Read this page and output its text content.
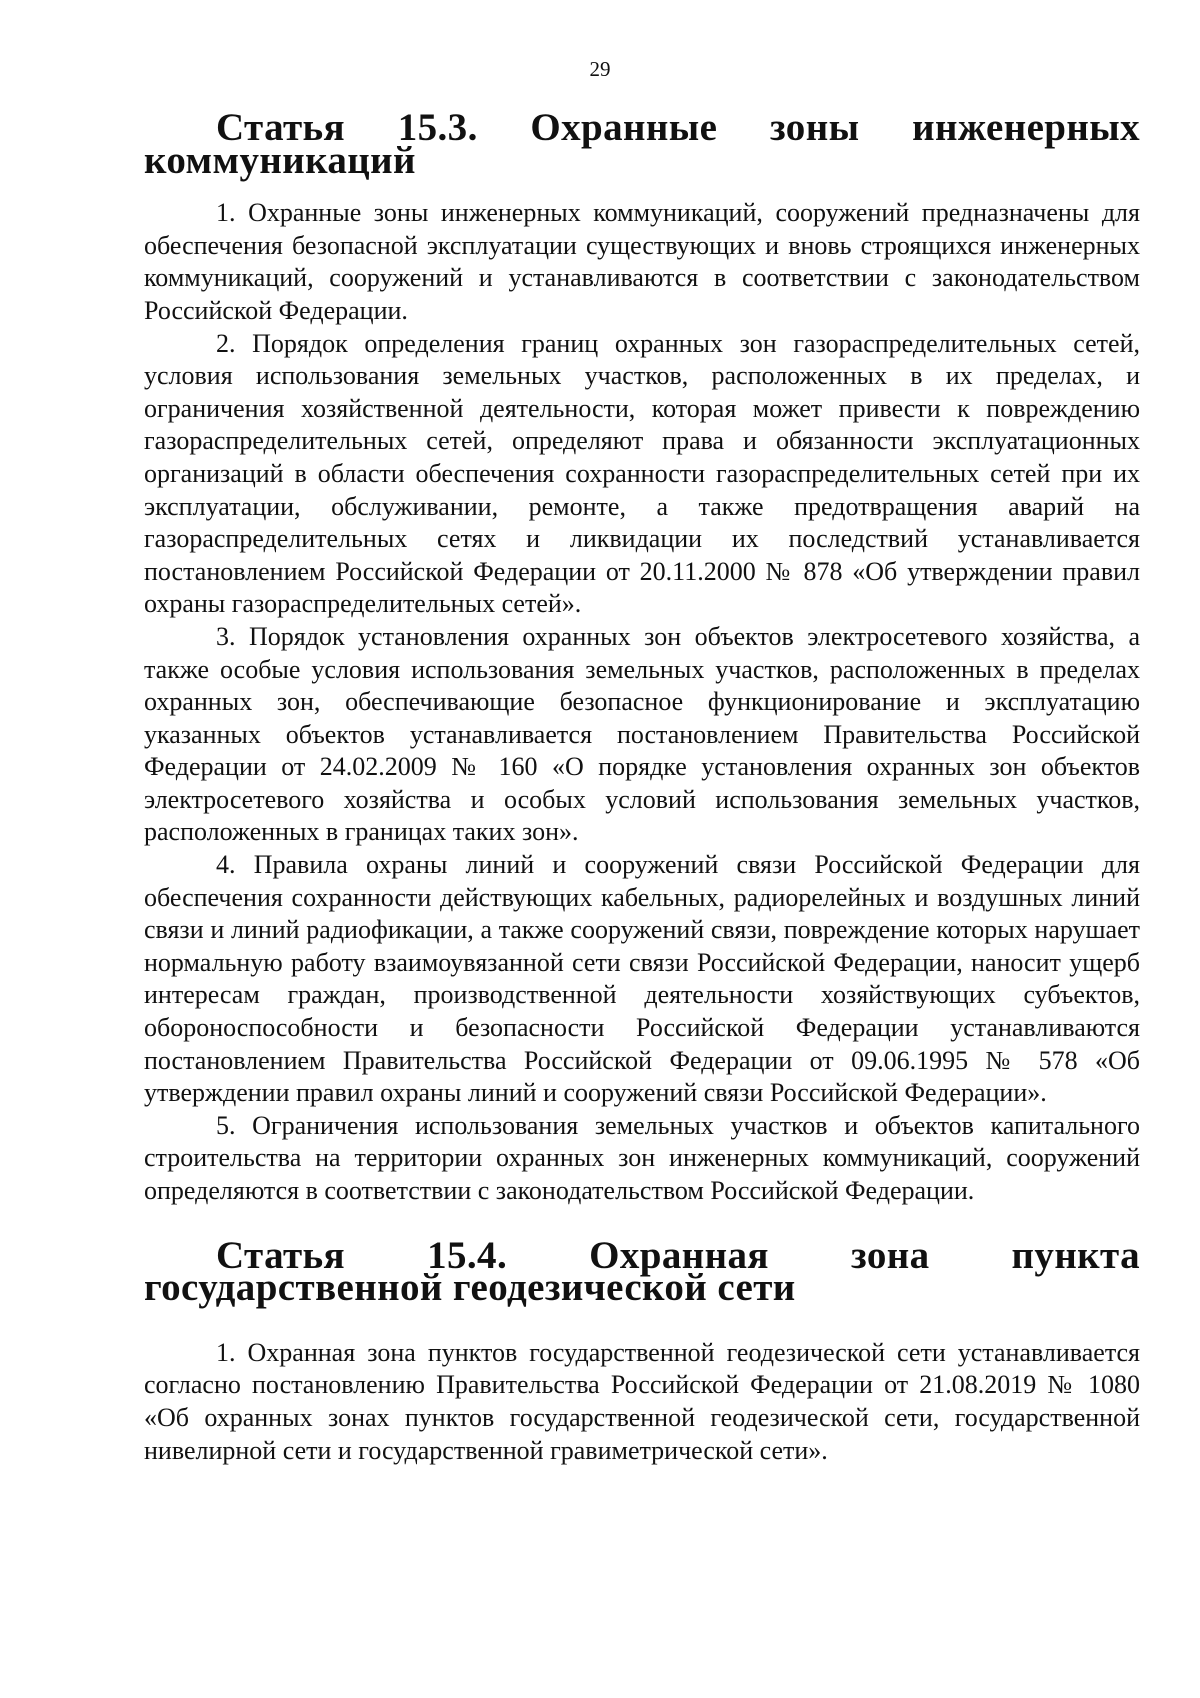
29
Статья 15.3. Охранные зоны инженерных коммуникаций

1. Охранные зоны инженерных коммуникаций, сооружений предназначены для обеспечения безопасной эксплуатации существующих и вновь строящихся инженерных коммуникаций, сооружений и устанавливаются в соответствии с законодательством Российской Федерации.

2. Порядок определения границ охранных зон газораспределительных сетей, условия использования земельных участков, расположенных в их пределах, и ограничения хозяйственной деятельности, которая может привести к повреждению газораспределительных сетей, определяют права и обязанности эксплуатационных организаций в области обеспечения сохранности газораспределительных сетей при их эксплуатации, обслуживании, ремонте, а также предотвращения аварий на газораспределительных сетях и ликвидации их последствий устанавливается постановлением Российской Федерации от 20.11.2000 № 878 «Об утверждении правил охраны газораспределительных сетей».

3. Порядок установления охранных зон объектов электросетевого хозяйства, а также особые условия использования земельных участков, расположенных в пределах охранных зон, обеспечивающие безопасное функционирование и эксплуатацию указанных объектов устанавливается постановлением Правительства Российской Федерации от 24.02.2009 № 160 «О порядке установления охранных зон объектов электросетевого хозяйства и особых условий использования земельных участков, расположенных в границах таких зон».

4. Правила охраны линий и сооружений связи Российской Федерации для обеспечения сохранности действующих кабельных, радиорелейных и воздушных линий связи и линий радиофикации, а также сооружений связи, повреждение которых нарушает нормальную работу взаимоувязанной сети связи Российской Федерации, наносит ущерб интересам граждан, производственной деятельности хозяйствующих субъектов, обороноспособности и безопасности Российской Федерации устанавливаются постановлением Правительства Российской Федерации от 09.06.1995 № 578 «Об утверждении правил охраны линий и сооружений связи Российской Федерации».

5. Ограничения использования земельных участков и объектов капитального строительства на территории охранных зон инженерных коммуникаций, сооружений определяются в соответствии с законодательством Российской Федерации.

Статья 15.4. Охранная зона пункта государственной геодезической сети

1. Охранная зона пунктов государственной геодезической сети устанавливается согласно постановлению Правительства Российской Федерации от 21.08.2019 № 1080 «Об охранных зонах пунктов государственной геодезической сети, государственной нивелирной сети и государственной гравиметрической сети».
